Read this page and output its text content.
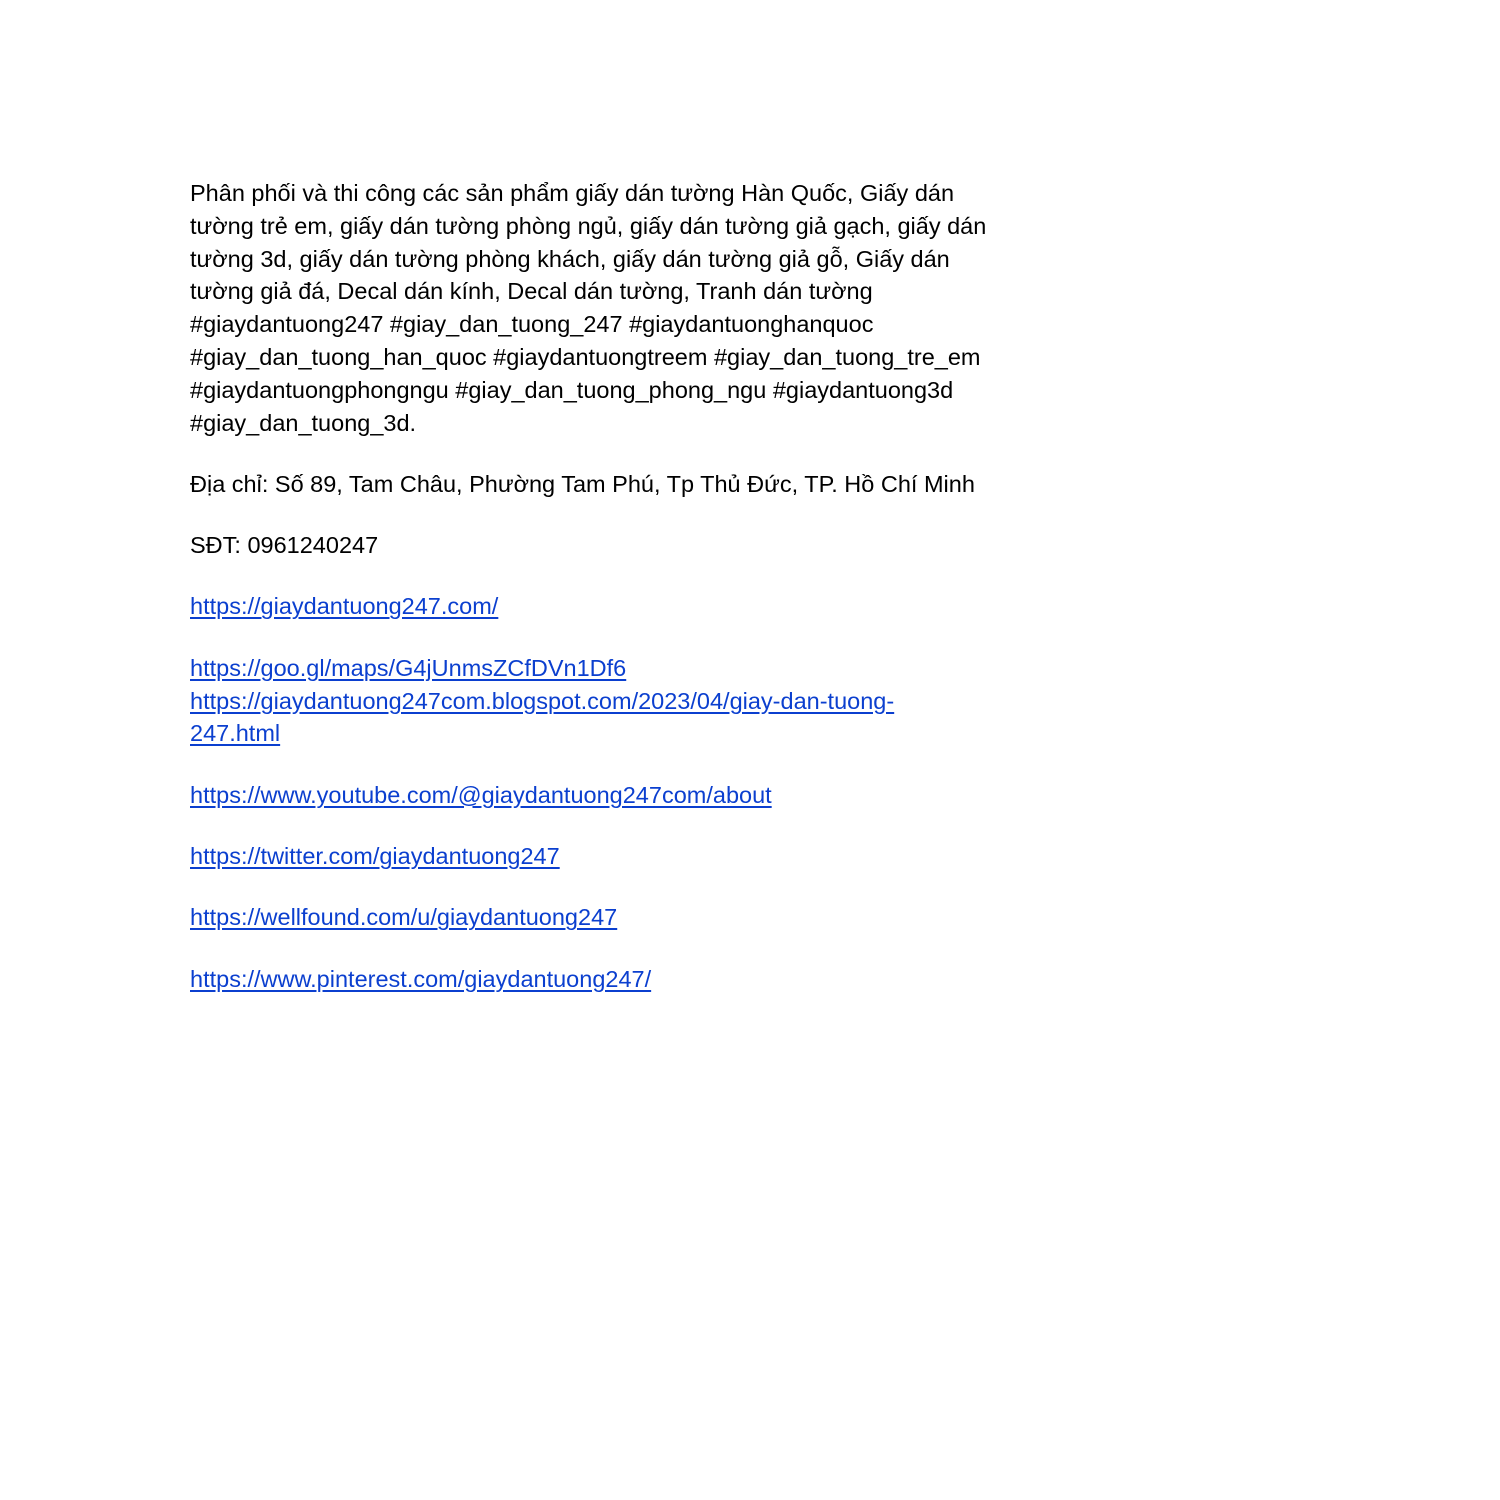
Phân phối và thi công các sản phẩm giấy dán tường Hàn Quốc, Giấy dán
tường trẻ em, giấy dán tường phòng ngủ, giấy dán tường giả gạch, giấy dán
tường 3d, giấy dán tường phòng khách, giấy dán tường giả gỗ, Giấy dán
tường giả đá, Decal dán kính, Decal dán tường, Tranh dán tường
#giaydantuong247 #giay_dan_tuong_247 #giaydantuonghanquoc
#giay_dan_tuong_han_quoc #giaydantuongtreem #giay_dan_tuong_tre_em
#giaydantuongphongngu #giay_dan_tuong_phong_ngu #giaydantuong3d
#giay_dan_tuong_3d.

Địa chỉ: Số 89, Tam Châu, Phường Tam Phú, Tp Thủ Đức, TP. Hồ Chí Minh

SĐT: 0961240247

https://giaydantuong247.com/

https://goo.gl/maps/G4jUnmsZCfDVn1Df6
https://giaydantuong247com.blogspot.com/2023/04/giay-dan-tuong-
247.html

https://www.youtube.com/@giaydantuong247com/about

https://twitter.com/giaydantuong247

https://wellfound.com/u/giaydantuong247

https://www.pinterest.com/giaydantuong247/
